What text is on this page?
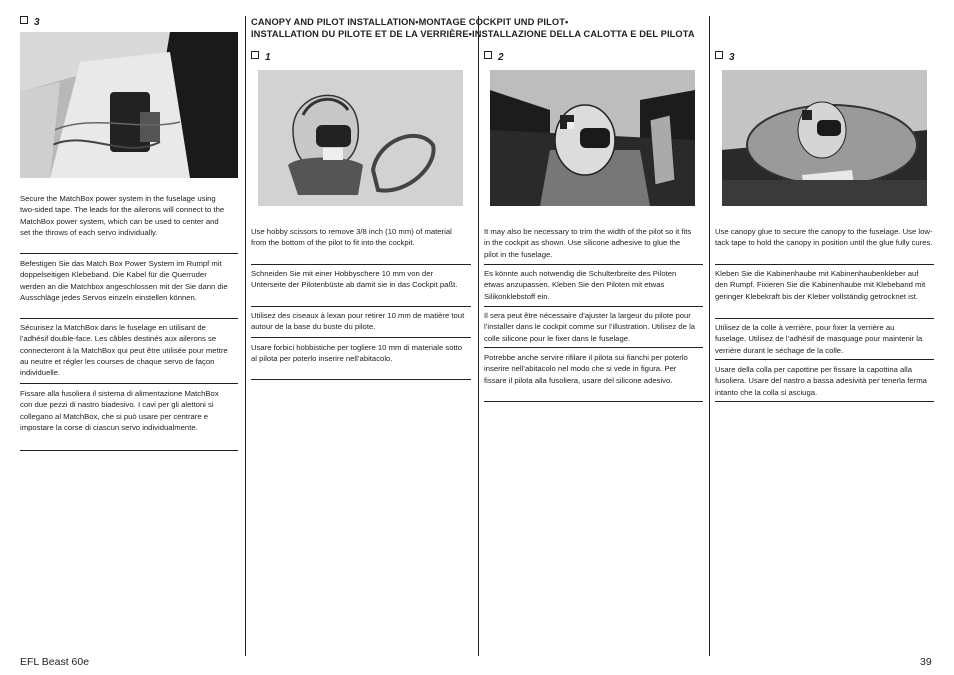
3
Secure the MatchBox power system in the fuselage using two-sided tape. The leads for the ailerons will connect to the MatchBox power system, which can be used to center and set the throws of each servo individually.
Befestigen Sie das Match Box Power System im Rumpf mit doppelseitigen Klebeband. Die Kabel für die Querruder werden an die Matchbox angeschlossen mit der Sie dann die Ausschläge jedes Servos einzeln einstellen können.
Sécurisez la MatchBox dans le fuselage en utilisant de l’adhésif double-face. Les câbles destinés aux ailerons se connecteront à la MatchBox qui peut être utilisée pour mettre au neutre et régler les courses de chaque servo de façon individuelle.
Fissare alla fusoliera il sistema di alimentazione MatchBox con due pezzi di nastro biadesivo. I cavi per gli alettoni si collegano al MatchBox, che si può usare per centrare e impostare la corse di ciascun servo individualmente.
CANOPY AND PILOT INSTALLATION•MONTAGE COCKPIT UND PILOT•
INSTALLATION DU PILOTE ET DE LA VERRIÈRE•INSTALLAZIONE DELLA CALOTTA E DEL PILOTA
1
Use hobby scissors to remove 3/8 inch (10 mm) of material from the bottom of the pilot to fit into the cockpit.
Schneiden Sie mit einer Hobbyschere 10 mm von der Unterseite der Pilotenbüste ab damit sie in das Cockpit paßt.
Utilisez des ciseaux à lexan pour retirer 10 mm de matière tout autour de la base du buste du pilote.
Usare forbici hobbistiche per togliere 10 mm di materiale sotto al pilota per poterlo inserire nell’abitacolo.
2
It may also be necessary to trim the width of the pilot so it fits in the cockpit as shown. Use silicone adhesive to glue the pilot in the fuselage.
Es könnte auch notwendig die Schulterbreite des Piloten etwas anzupassen. Kleben Sie den Piloten mit etwas Silikonklebstoff ein.
Il sera peut être nécessaire d’ajuster la largeur du pilote pour l’installer dans le cockpit comme sur l’illustration. Utilisez de la colle silicone pour le fixer dans le fuselage.
Potrebbe anche servire rifilare il pilota sui fianchi per poterlo inserire nell’abitacolo nel modo che si vede in figura. Per fissare il pilota alla fusoliera, usare del silicone adesivo.
3
Use canopy glue to secure the canopy to the fuselage. Use low-tack tape to hold the canopy in position until the glue fully cures.
Kleben Sie die Kabinenhaube mit Kabinenhaubenkleber auf den Rumpf. Fixieren Sie die Kabinenhaube mit Klebeband mit geringer Klebekraft bis der Kleber vollständig getrocknet ist.
Utilisez de la colle à verrière, pour fixer la verrière au fuselage. Utilisez de l’adhésif de masquage pour maintenir la verrière durant le séchage de la colle.
Usare della colla per capottine per fissare la capottina alla fusoliera. Usare del nastro a bassa adesività per tenerla ferma intanto che la colla si asciuga.
EFL Beast 60e	39
